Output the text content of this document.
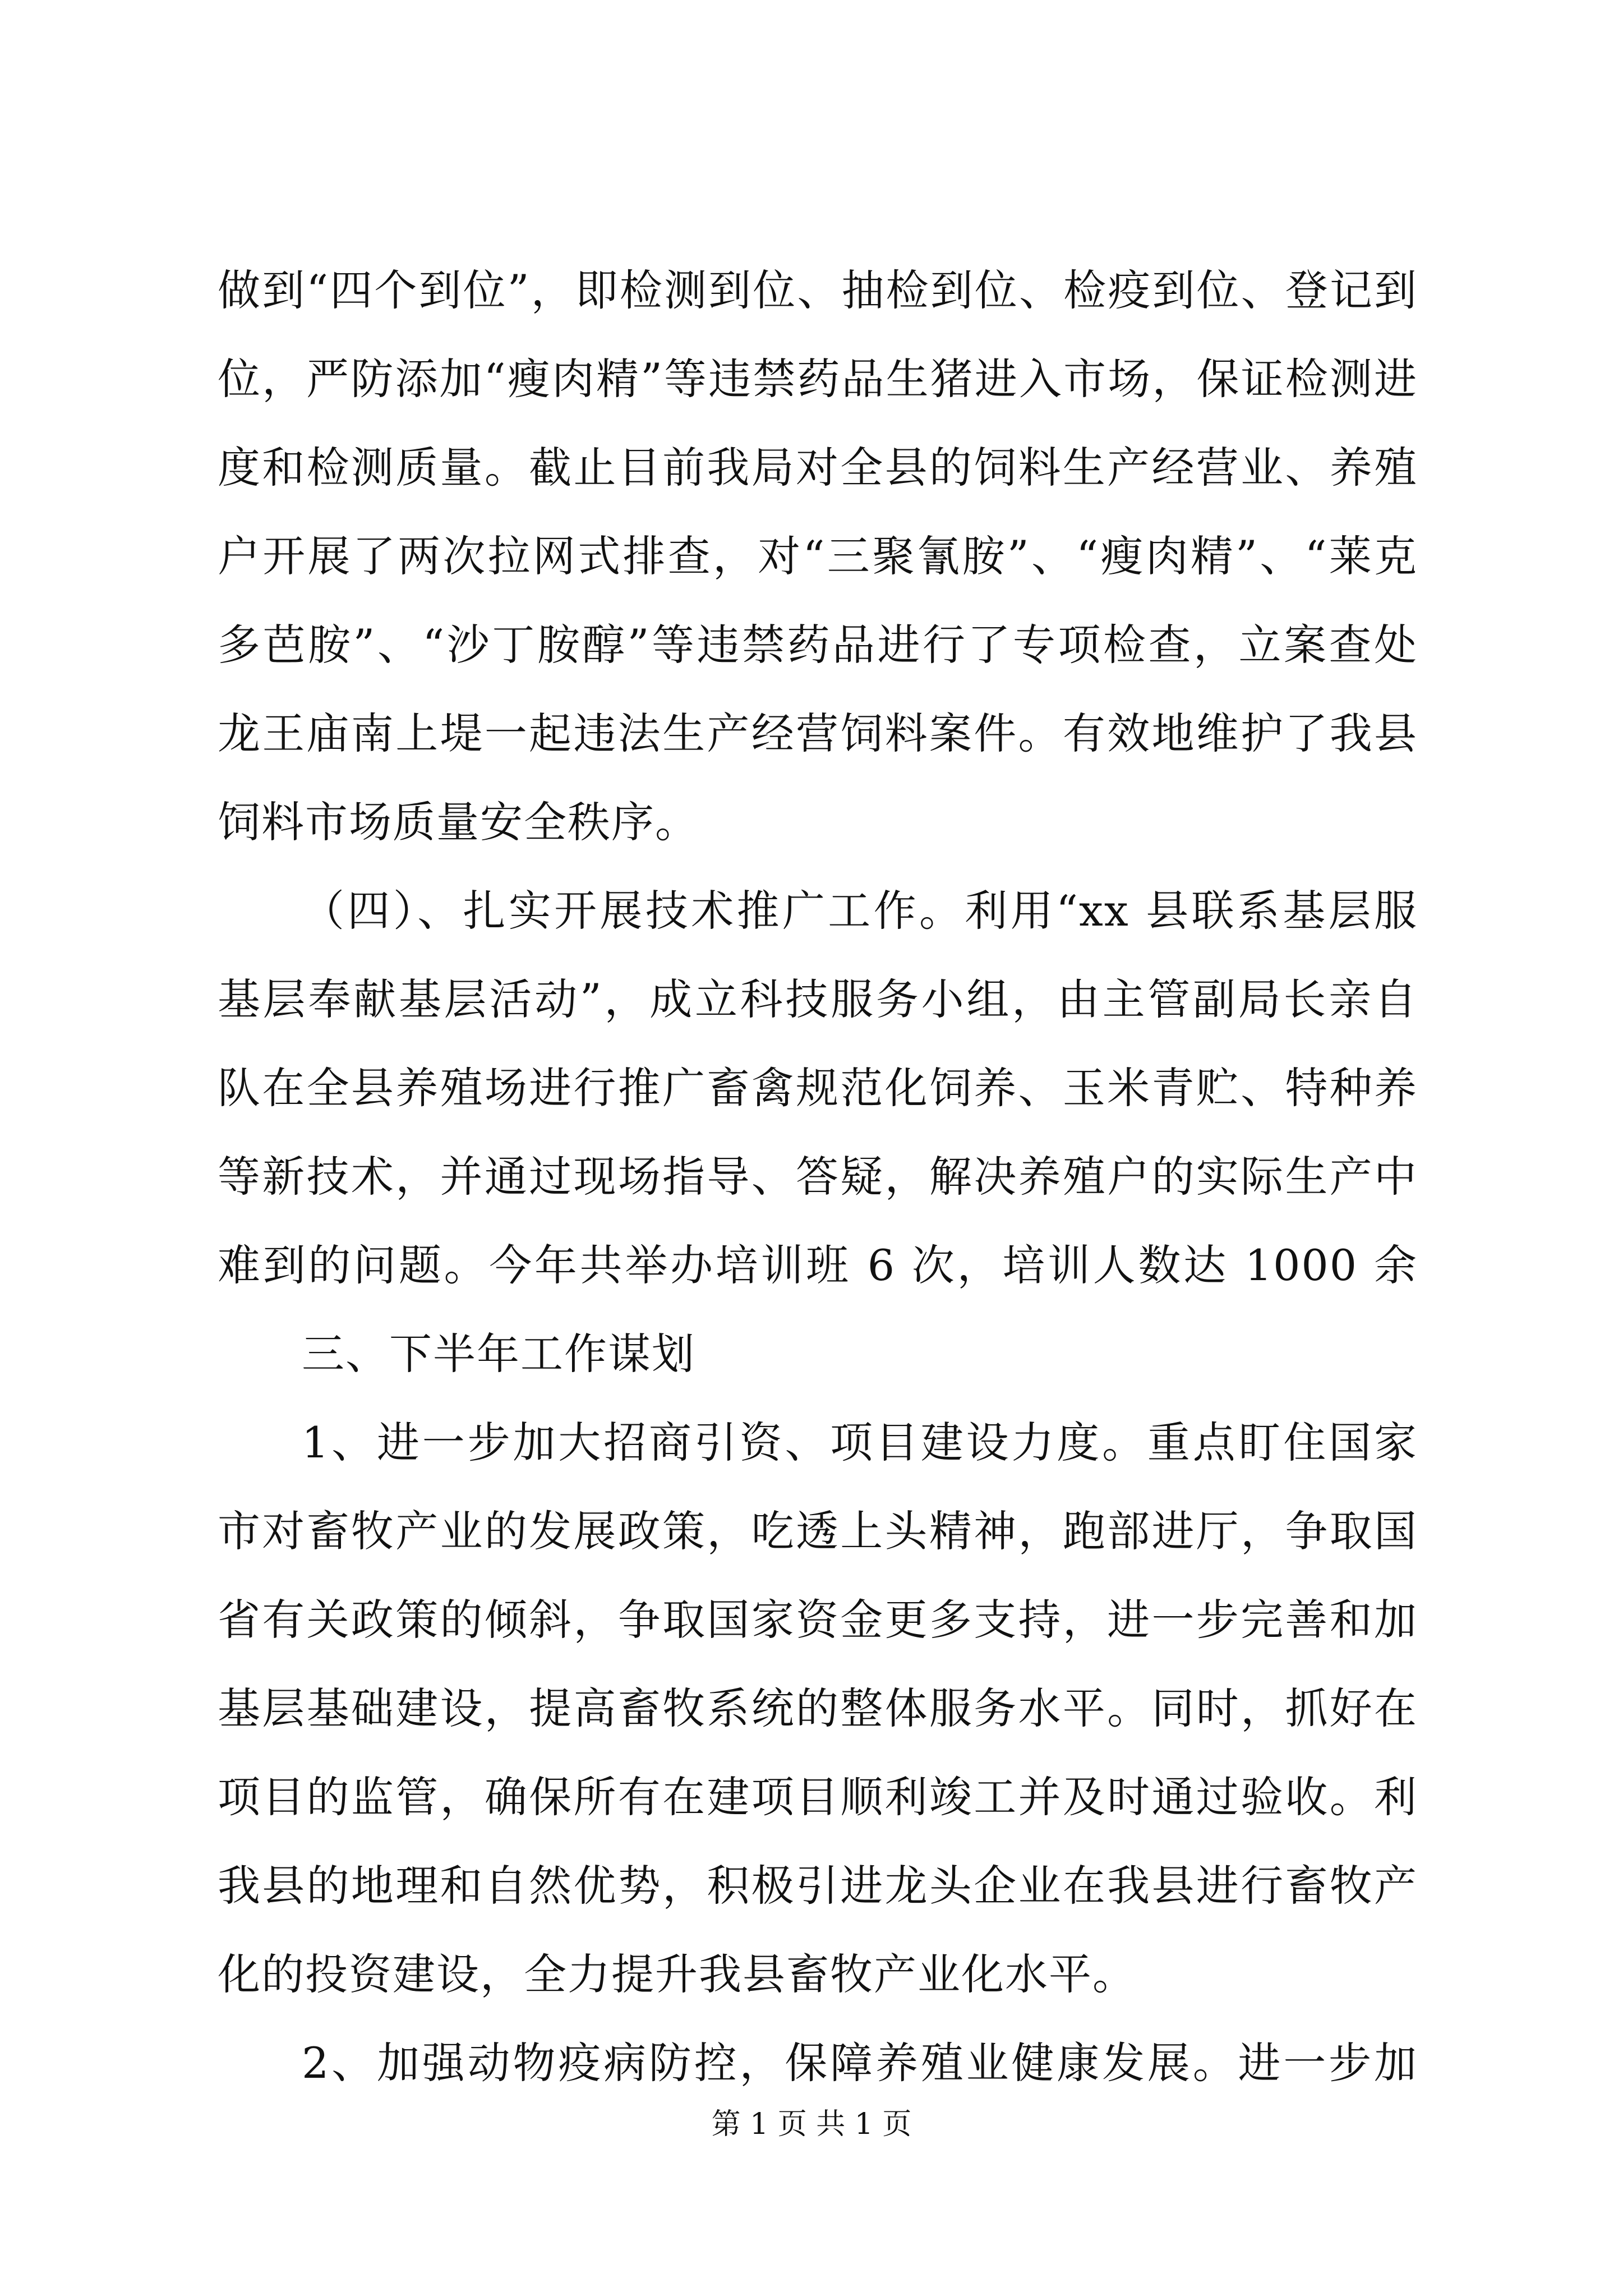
做到“四个到位”，即检测到位、抽检到位、检疫到位、登记到
位，严防添加“瘦肉精”等违禁药品生猪进入市场，保证检测进
度和检测质量。截止目前我局对全县的饲料生产经营业、养殖
户开展了两次拉网式排查，对“三聚氰胺”、“瘦肉精”、“莱克
多芭胺”、“沙丁胺醇”等违禁药品进行了专项检查，立案查处
龙王庙南上堤一起违法生产经营饲料案件。有效地维护了我县
饲料市场质量安全秩序。
（四）、扎实开展技术推广工作。利用“xx 县联系基层服
基层奉献基层活动”，成立科技服务小组，由主管副局长亲自
队在全县养殖场进行推广畜禽规范化饲养、玉米青贮、特种养
等新技术，并通过现场指导、答疑，解决养殖户的实际生产中
难到的问题。今年共举办培训班 6 次，培训人数达 1000 余
三、下半年工作谋划
1、进一步加大招商引资、项目建设力度。重点盯住国家
市对畜牧产业的发展政策，吃透上头精神，跑部进厅，争取国
省有关政策的倾斜，争取国家资金更多支持，进一步完善和加
基层基础建设，提高畜牧系统的整体服务水平。同时，抓好在
项目的监管，确保所有在建项目顺利竣工并及时通过验收。利
我县的地理和自然优势，积极引进龙头企业在我县进行畜牧产
化的投资建设，全力提升我县畜牧产业化水平。
2、加强动物疫病防控，保障养殖业健康发展。进一步加
第 1 页 共 1 页
